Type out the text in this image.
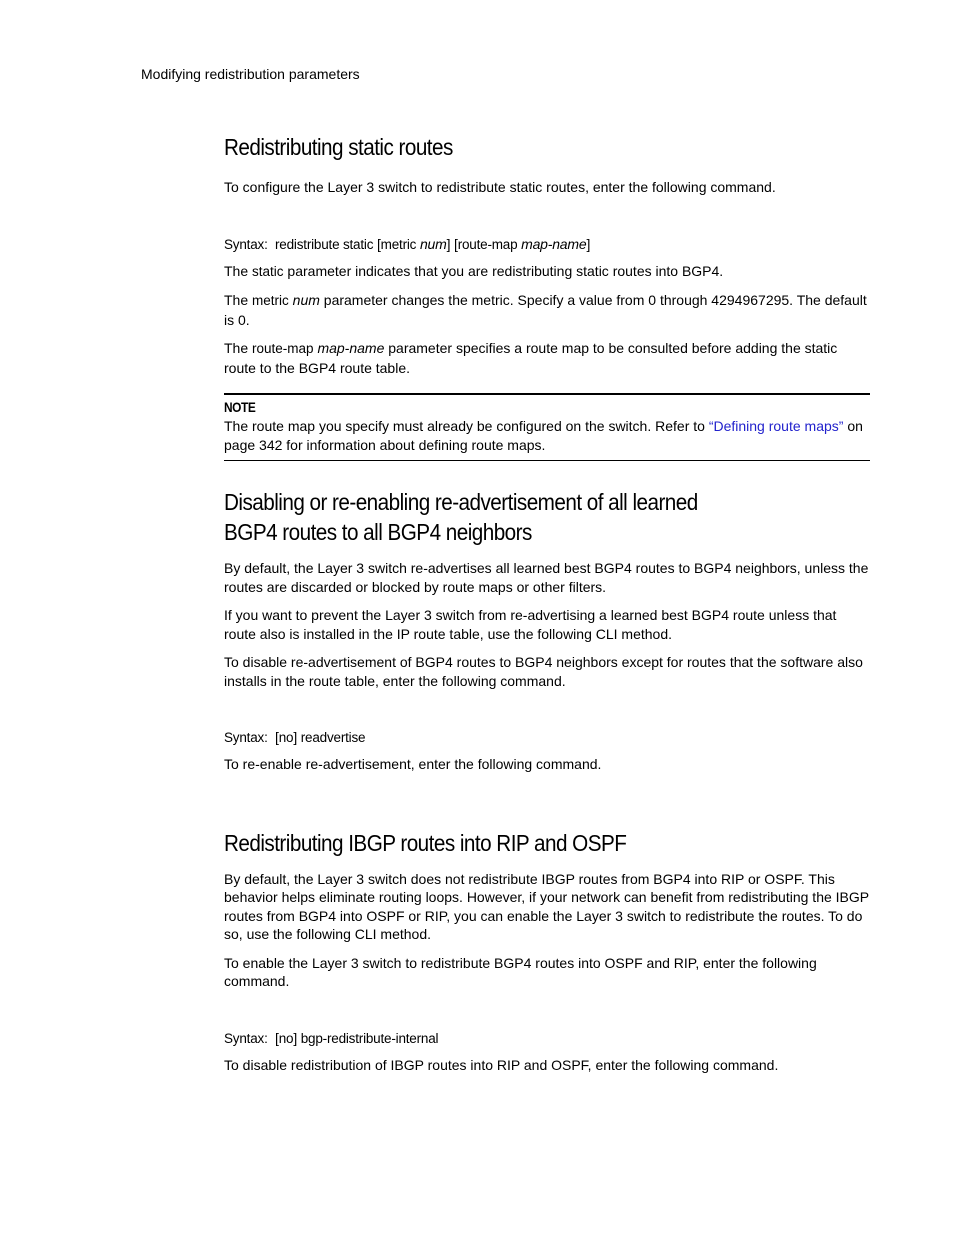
Modifying redistribution parameters
Redistributing static routes

To configure the Layer 3 switch to redistribute static routes, enter the following command.

Syntax: redistribute static [metric num] [route-map map-name]

The static parameter indicates that you are redistributing static routes into BGP4.

The metric num parameter changes the metric. Specify a value from 0 through 4294967295. The default is 0.

The route-map map-name parameter specifies a route map to be consulted before adding the static route to the BGP4 route table.

NOTE

The route map you specify must already be configured on the switch. Refer to “Defining route maps” on page 342 for information about defining route maps.

Disabling or re-enabling re-advertisement of all learned
BGP4 routes to all BGP4 neighbors

By default, the Layer 3 switch re-advertises all learned best BGP4 routes to BGP4 neighbors, unless the routes are discarded or blocked by route maps or other filters.

If you want to prevent the Layer 3 switch from re-advertising a learned best BGP4 route unless that route also is installed in the IP route table, use the following CLI method.

To disable re-advertisement of BGP4 routes to BGP4 neighbors except for routes that the software also installs in the route table, enter the following command.

Syntax: [no] readvertise

To re-enable re-advertisement, enter the following command.

Redistributing IBGP routes into RIP and OSPF

By default, the Layer 3 switch does not redistribute IBGP routes from BGP4 into RIP or OSPF. This behavior helps eliminate routing loops. However, if your network can benefit from redistributing the IBGP routes from BGP4 into OSPF or RIP, you can enable the Layer 3 switch to redistribute the routes. To do so, use the following CLI method.

To enable the Layer 3 switch to redistribute BGP4 routes into OSPF and RIP, enter the following command.

Syntax: [no] bgp-redistribute-internal

To disable redistribution of IBGP routes into RIP and OSPF, enter the following command.
